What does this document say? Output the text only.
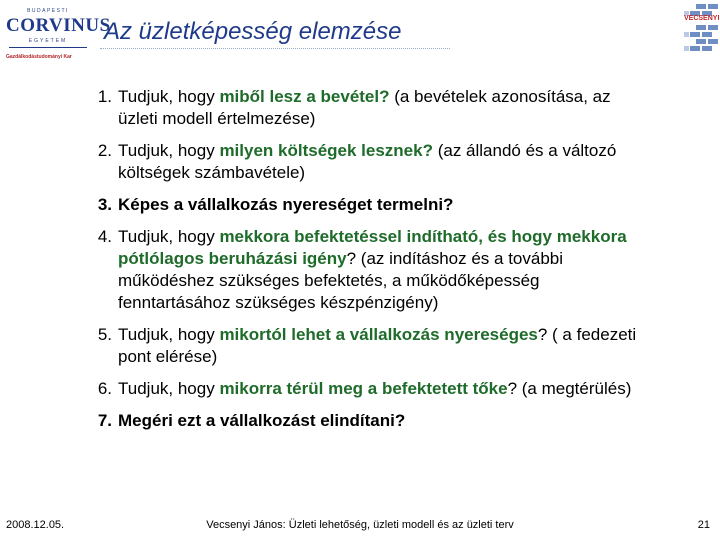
BUDAPESTI
CORVINUS
EGYETEM
Gazdálkodástudományi Kar
Az üzletképesség elemzése	VECSENYI
1. Tudjuk, hogy miből lesz a bevétel? (a bevételek azonosítása, az üzleti modell értelmezése)
2. Tudjuk, hogy milyen költségek lesznek? (az állandó és a változó költségek számbavétele)
3. Képes a vállalkozás nyereséget termelni?
4. Tudjuk, hogy mekkora befektetéssel indítható, és hogy mekkora pótlólagos beruházási igény? (az indításhoz és a további működéshez szükséges befektetés, a működőképesség fenntartásához szükséges készpénzigény)
5. Tudjuk, hogy mikortól lehet a vállalkozás nyereséges? ( a fedezeti pont elérése)
6. Tudjuk, hogy mikorra térül meg a befektetett tőke? (a megtérülés)
7. Megéri ezt a vállalkozást elindítani?
2008.12.05.	Vecsenyi János: Üzleti lehetőség, üzleti modell és az üzleti terv	21
